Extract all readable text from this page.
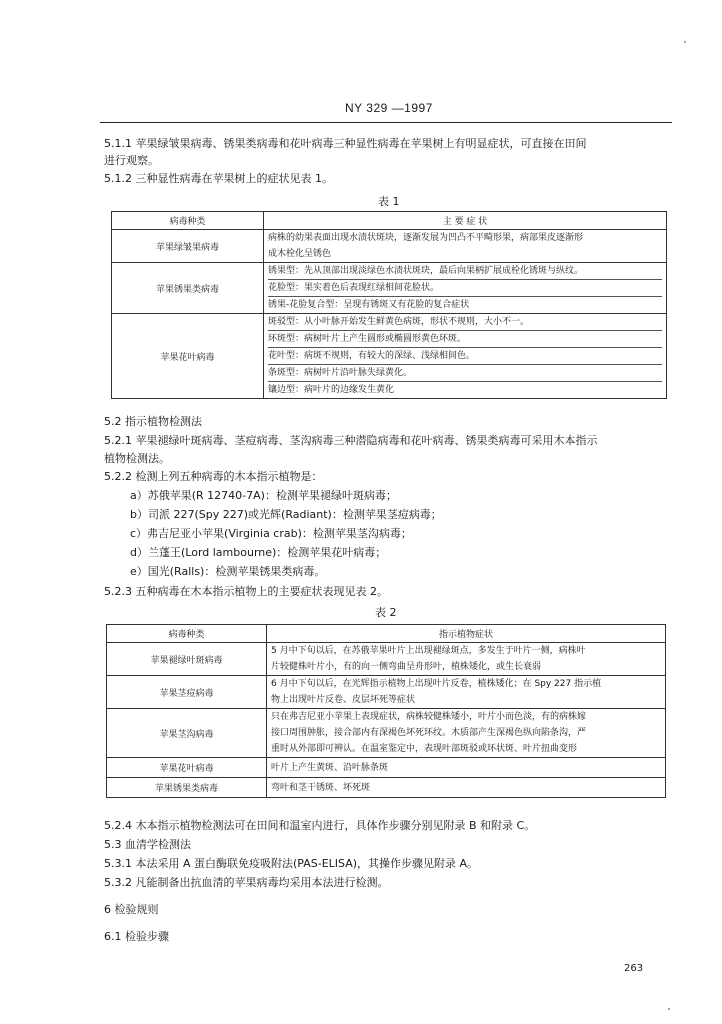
NY 329 —1997
5.1.1 苹果绿皱果病毒、锈果类病毒和花叶病毒三种显性病毒在苹果树上有明显症状，可直接在田间
进行观察。
5.1.2 三种显性病毒在苹果树上的症状见表 1。
表 1
病毒种类	主 要 症 状
苹果绿皱果病毒	病株的幼果表面出现水渍状斑块，逐渐发展为凹凸不平畸形果，病部果皮逐渐形
成木栓化呈锈色

苹果锈果类病毒	锈果型：先从顶部出现淡绿色水渍状斑块，最后向果柄扩展成栓化锈斑与纵纹。
花脸型：果实着色后表现红绿相间花脸状。
锈果-花脸复合型：呈现有锈斑又有花脸的复合症状

苹果花叶病毒	斑驳型：从小叶脉开始发生鲜黄色病斑，形状不规则，大小不一。
环斑型：病树叶片上产生圆形或椭圆形黄色环斑。
花叶型：病斑不规则，有较大的深绿、浅绿相间色。
条斑型：病树叶片沿叶脉失绿黄化。
镶边型：病叶片的边缘发生黄化
5.2 指示植物检测法
5.2.1 苹果褪绿叶斑病毒、茎痘病毒、茎沟病毒三种潜隐病毒和花叶病毒、锈果类病毒可采用木本指示
植物检测法。
5.2.2 检测上列五种病毒的木本指示植物是：
a）苏俄苹果(R 12740-7A)：检测苹果褪绿叶斑病毒；
b）司派 227(Spy 227)或光辉(Radiant)：检测苹果茎痘病毒；
c）弗吉尼亚小苹果(Virginia crab)：检测苹果茎沟病毒；
d）兰蓬王(Lord lambourne)：检测苹果花叶病毒；
e）国光(Ralls)：检测苹果锈果类病毒。
5.2.3 五种病毒在木本指示植物上的主要症状表现见表 2。
表 2
病毒种类	指示植物症状
苹果褪绿叶斑病毒	5 月中下旬以后，在苏俄苹果叶片上出现褪绿斑点，多发生于叶片一侧，病株叶
片较健株叶片小，有的向一侧弯曲呈舟形叶，植株矮化，或生长衰弱

苹果茎痘病毒	6 月中下旬以后，在光辉指示植物上出现叶片反卷，植株矮化；在 Spy 227 指示植
物上出现叶片反卷、皮层坏死等症状

苹果茎沟病毒	只在弗吉尼亚小苹果上表现症状，病株较健株矮小，叶片小而色淡，有的病株嫁
接口周围肿胀，接合部内有深褐色坏死环纹。木质部产生深褐色纵向陷条沟，严
重时从外部即可辨认。在温室鉴定中，表现叶部斑驳或环状斑、叶片扭曲变形

苹果花叶病毒	叶片上产生黄斑、沿叶脉条斑

苹果锈果类病毒	弯叶和茎干锈斑、坏死斑
5.2.4 木本指示植物检测法可在田间和温室内进行，具体作步骤分别见附录 B 和附录 C。
5.3 血清学检测法
5.3.1 本法采用 A 蛋白酶联免疫吸附法(PAS-ELISA)，其操作步骤见附录 A。
5.3.2 凡能制备出抗血清的苹果病毒均采用本法进行检测。
6 检验规则
6.1 检验步骤
263
